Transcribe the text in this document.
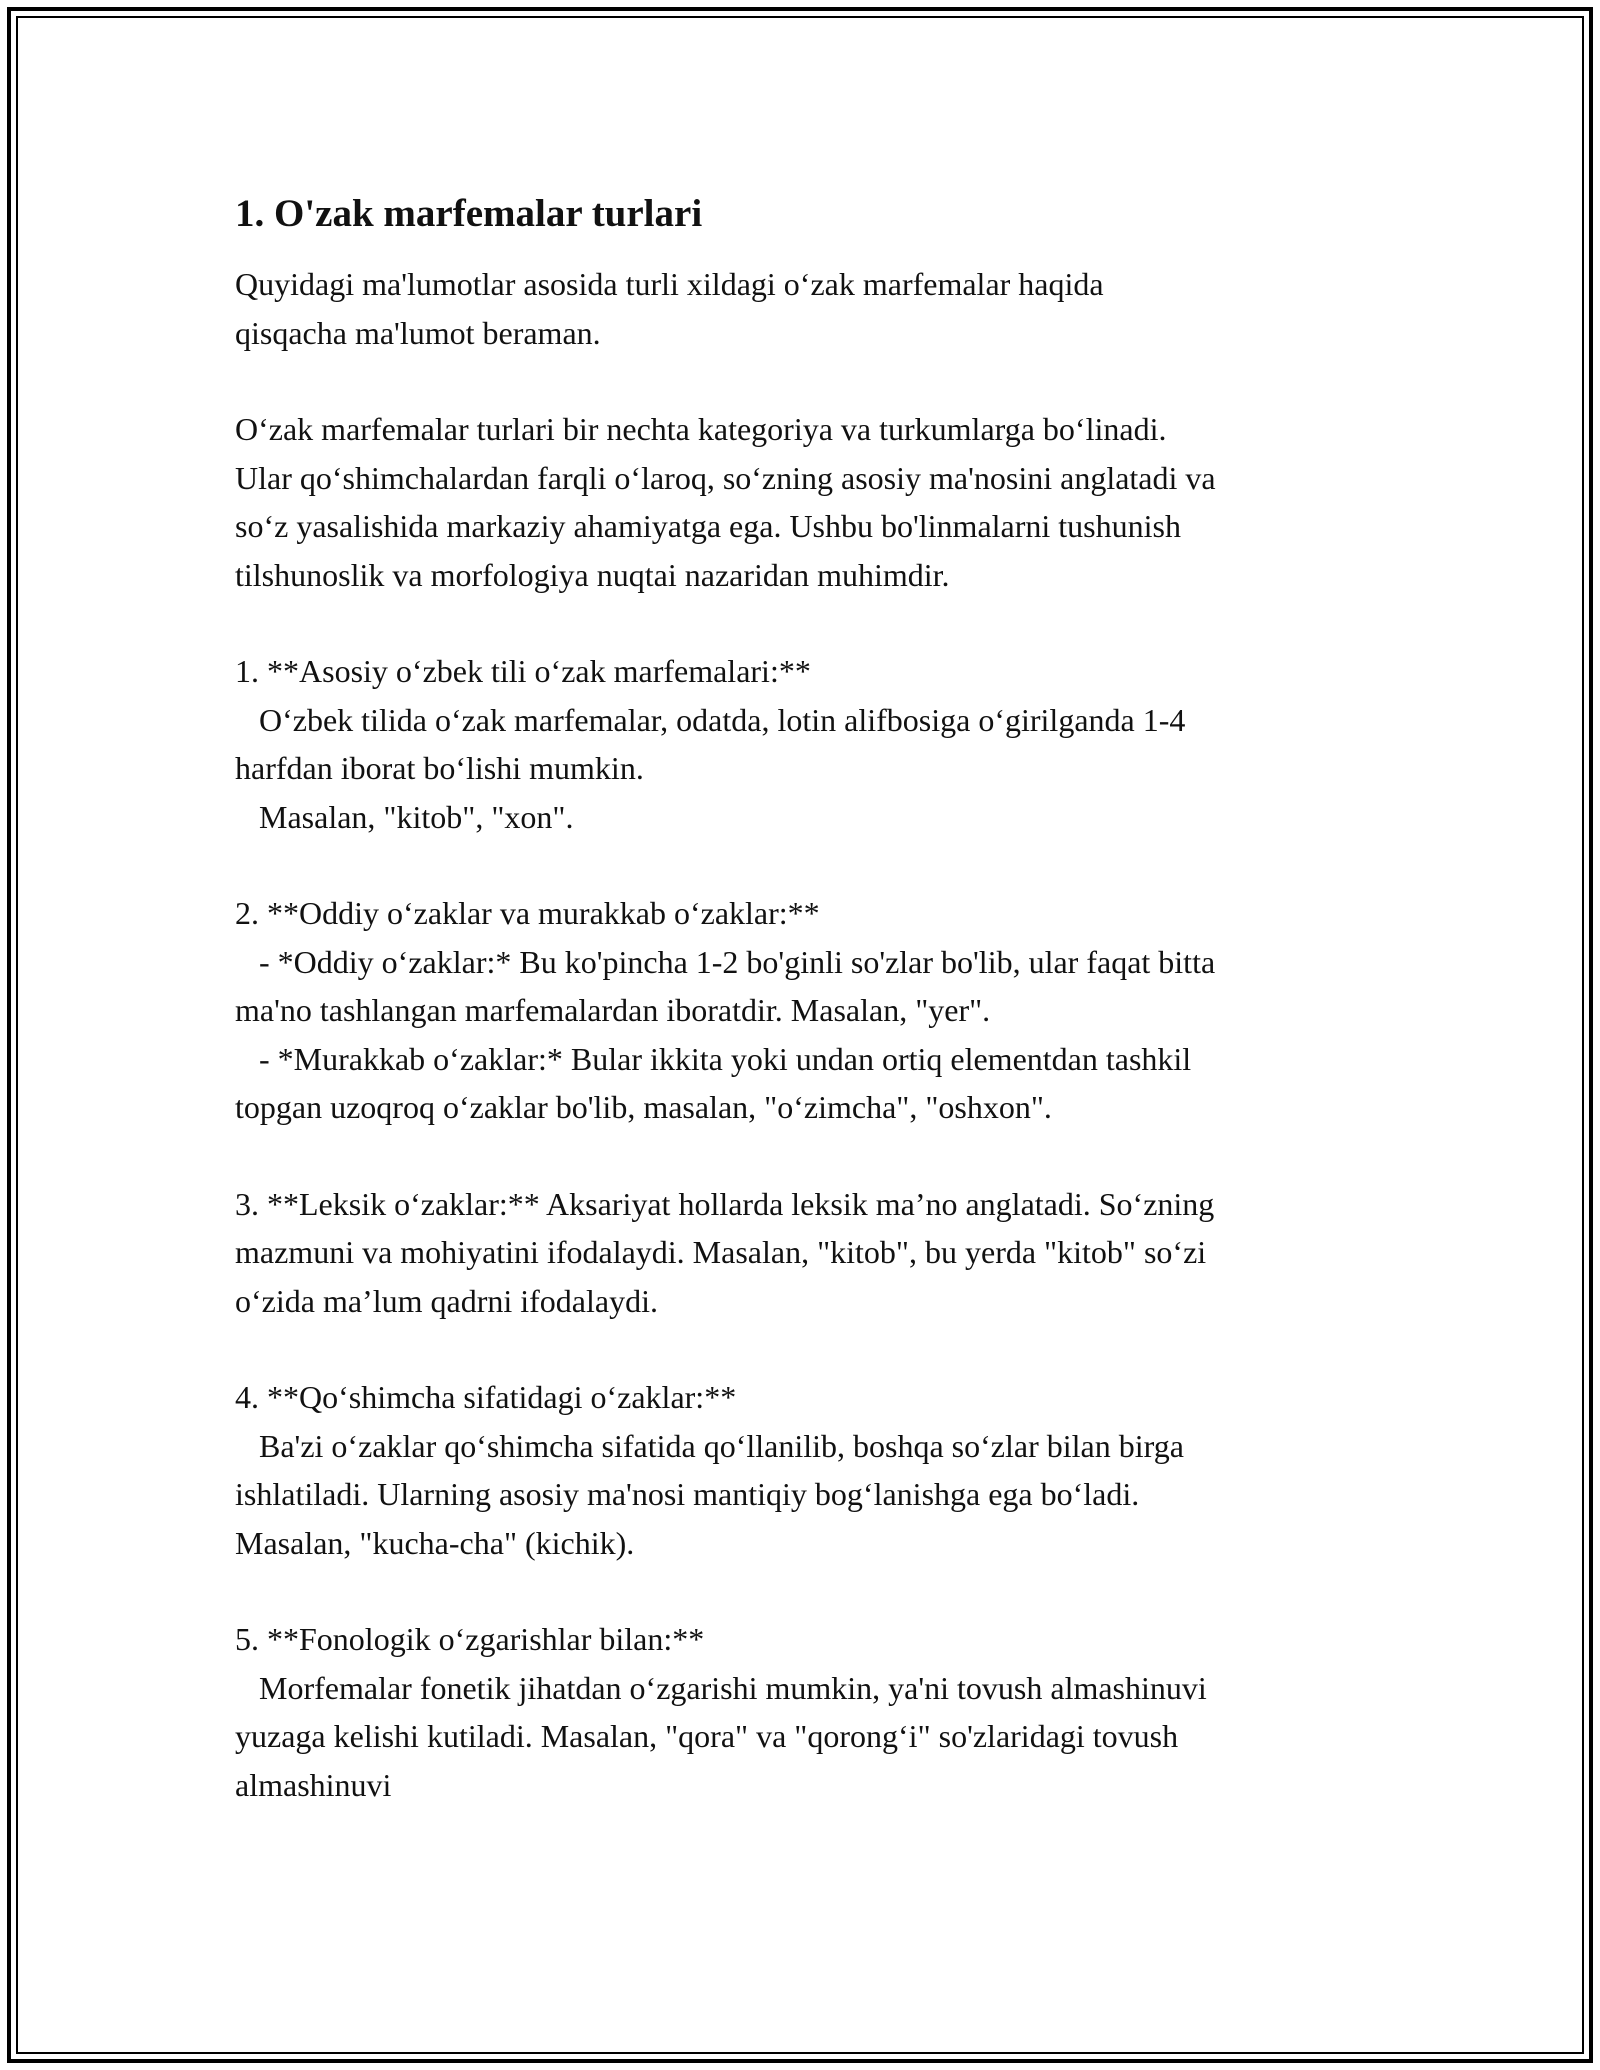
1. O'zak marfemalar turlari

Quyidagi ma'lumotlar asosida turli xildagi o‘zak marfemalar haqida
qisqacha ma'lumot beraman.

O‘zak marfemalar turlari bir nechta kategoriya va turkumlarga bo‘linadi.
Ular qo‘shimchalardan farqli o‘laroq, so‘zning asosiy ma'nosini anglatadi va
so‘z yasalishida markaziy ahamiyatga ega. Ushbu bo'linmalarni tushunish
tilshunoslik va morfologiya nuqtai nazaridan muhimdir.

1. **Asosiy o‘zbek tili o‘zak marfemalari:**
O‘zbek tilida o‘zak marfemalar, odatda, lotin alifbosiga o‘girilganda 1-4
harfdan iborat bo‘lishi mumkin.
Masalan, "kitob", "xon".

2. **Oddiy o‘zaklar va murakkab o‘zaklar:**
- *Oddiy o‘zaklar:* Bu ko'pincha 1-2 bo'ginli so'zlar bo'lib, ular faqat bitta
ma'no tashlangan marfemalardan iboratdir. Masalan, "yer".
- *Murakkab o‘zaklar:* Bular ikkita yoki undan ortiq elementdan tashkil
topgan uzoqroq o‘zaklar bo'lib, masalan, "o‘zimcha", "oshxon".

3. **Leksik o‘zaklar:** Aksariyat hollarda leksik ma’no anglatadi. So‘zning
mazmuni va mohiyatini ifodalaydi. Masalan, "kitob", bu yerda "kitob" so‘zi
o‘zida ma’lum qadrni ifodalaydi.

4. **Qo‘shimcha sifatidagi o‘zaklar:**
Ba'zi o‘zaklar qo‘shimcha sifatida qo‘llanilib, boshqa so‘zlar bilan birga
ishlatiladi. Ularning asosiy ma'nosi mantiqiy bog‘lanishga ega bo‘ladi.
Masalan, "kucha-cha" (kichik).

5. **Fonologik o‘zgarishlar bilan:**
Morfemalar fonetik jihatdan o‘zgarishi mumkin, ya'ni tovush almashinuvi
yuzaga kelishi kutiladi. Masalan, "qora" va "qorong‘i" so'zlaridagi tovush
almashinuvi
